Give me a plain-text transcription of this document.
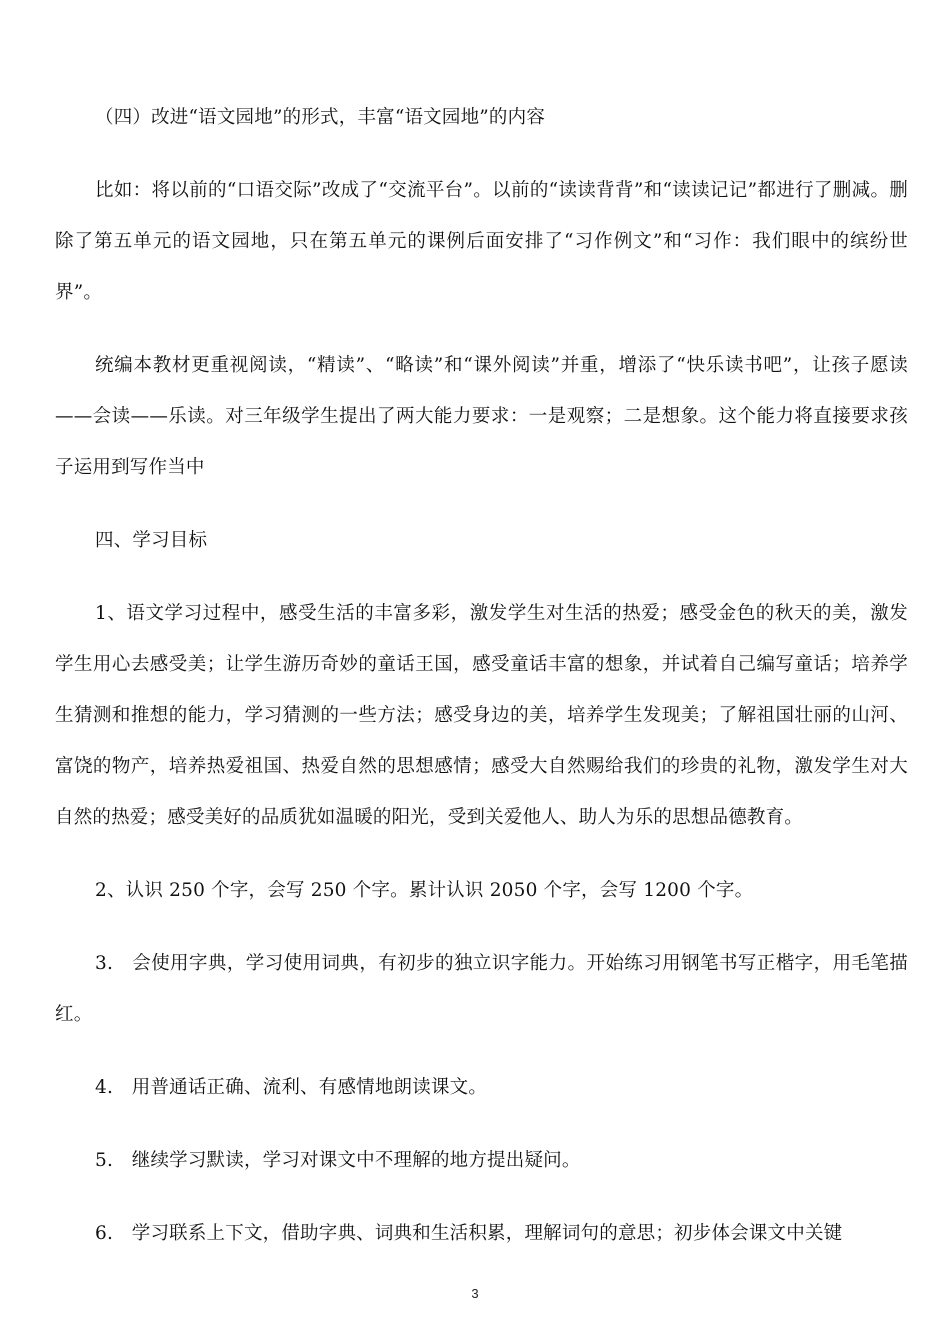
（四）改进“语文园地”的形式，丰富“语文园地”的内容

比如：将以前的“口语交际”改成了“交流平台”。以前的“读读背背”和“读读记记”都进行了删减。删除了第五单元的语文园地，只在第五单元的课例后面安排了“习作例文”和“习作：我们眼中的缤纷世界”。

统编本教材更重视阅读，“精读”、“略读”和“课外阅读”并重，增添了“快乐读书吧”，让孩子愿读——会读——乐读。对三年级学生提出了两大能力要求：一是观察；二是想象。这个能力将直接要求孩子运用到写作当中

四、学习目标

1、语文学习过程中，感受生活的丰富多彩，激发学生对生活的热爱；感受金色的秋天的美，激发学生用心去感受美；让学生游历奇妙的童话王国，感受童话丰富的想象，并试着自己编写童话；培养学生猜测和推想的能力，学习猜测的一些方法；感受身边的美，培养学生发现美；了解祖国壮丽的山河、富饶的物产，培养热爱祖国、热爱自然的思想感情；感受大自然赐给我们的珍贵的礼物，激发学生对大自然的热爱；感受美好的品质犹如温暖的阳光，受到关爱他人、助人为乐的思想品德教育。

2、认识 250 个字，会写 250 个字。累计认识 2050 个字，会写 1200 个字。

3.　会使用字典，学习使用词典，有初步的独立识字能力。开始练习用钢笔书写正楷字，用毛笔描红。

4.　用普通话正确、流利、有感情地朗读课文。

5.　继续学习默读，学习对课文中不理解的地方提出疑问。

6.　学习联系上下文，借助字典、词典和生活积累，理解词句的意思；初步体会课文中关键

3
